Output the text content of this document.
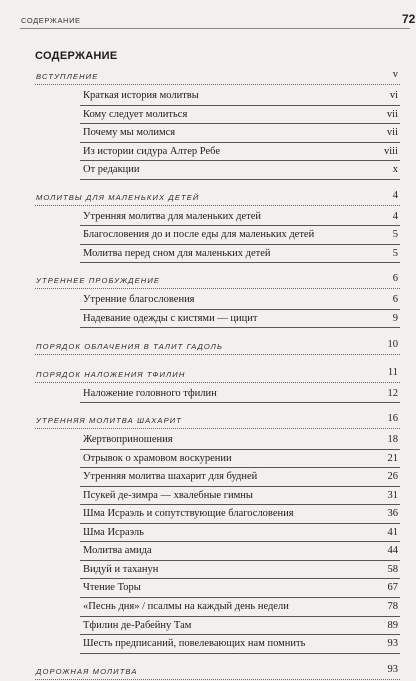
СОДЕРЖАНИЕ	72
СОДЕРЖАНИЕ
ВСТУПЛЕНИЕ	v
Краткая история молитвы	vi
Кому следует молиться	vii
Почему мы молимся	vii
Из истории сидура Алтер Ребе	viii
От редакции	x
МОЛИТВЫ ДЛЯ МАЛЕНЬКИХ ДЕТЕЙ	4
Утренняя молитва для маленьких детей	4
Благословения до и после еды для маленьких детей	5
Молитва перед сном для маленьких детей	5
УТРЕННЕЕ ПРОБУЖДЕНИЕ	6
Утренние благословения	6
Надевание одежды с кистями — цицит	9
ПОРЯДОК ОБЛАЧЕНИЯ В ТАЛИТ ГАДОЛЬ	10
ПОРЯДОК НАЛОЖЕНИЯ ТФИЛИН	11
Наложение головного тфилин	12
УТРЕННЯЯ МОЛИТВА ШАХАРИТ	16
Жертвоприношения	18
Отрывок о храмовом воскурении	21
Утренняя молитва шахарит для будней	26
Псукей де-зимра — хвалебные гимны	31
Шма Исраэль и сопутствующие благословения	36
Шма Исраэль	41
Молитва амида	44
Видуй и таханун	58
Чтение Торы	67
«Песнь дня» / псалмы на каждый день недели	78
Тфилин де-Рабейну Там	89
Шесть предписаний, повелевающих нам помнить	93
ДОРОЖНАЯ МОЛИТВА	93
